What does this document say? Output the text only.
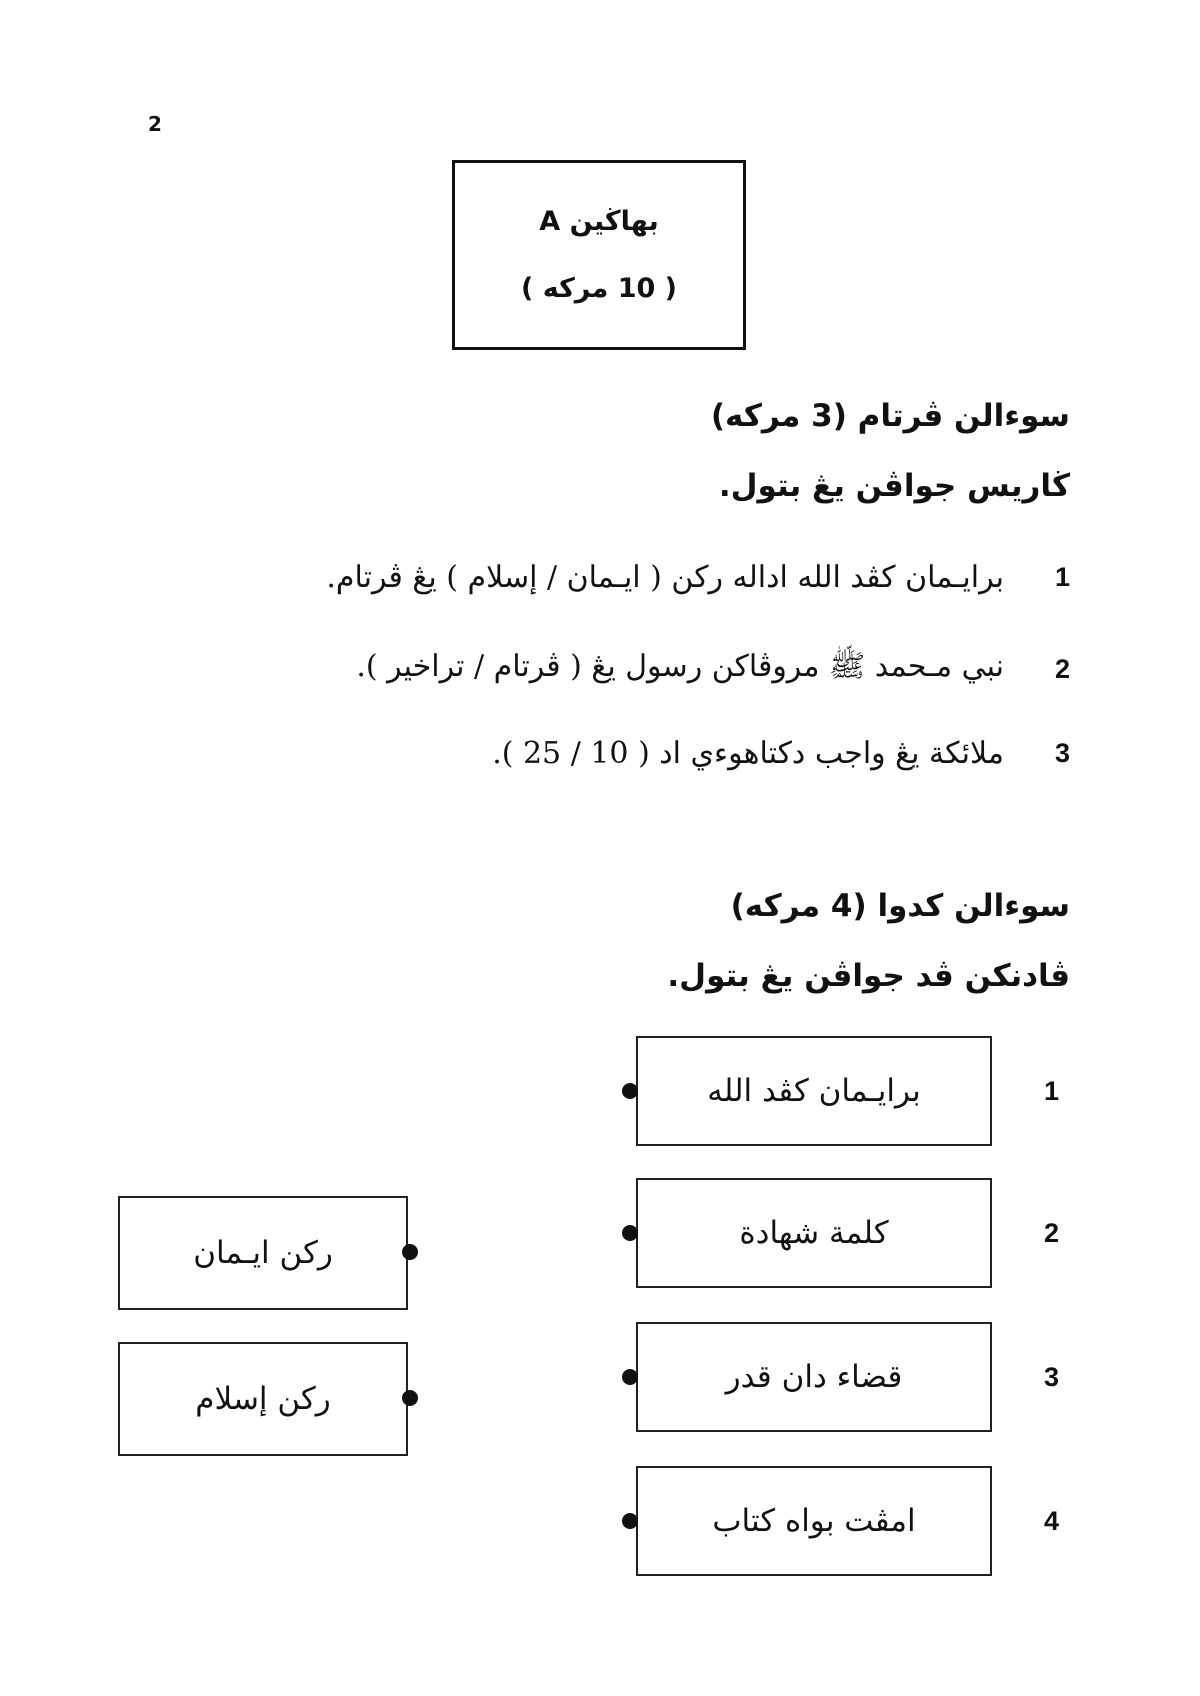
2
بهاڬين A
( 10 مركه )
سوءالن ڤرتام (3 مركه)
ڬاريس جواڤن يڠ بتول.
برايـمان كڤد الله اداله رکن ( ايـمان / إسلام ) يڠ ڤرتام.	1
نبي مـحمد ﷺ مروڤاكن رسول يڠ ( ڤرتام / تراخير ).	2
ملائكة يڠ واجب دكتاهوءي اد ( 10 / 25 ).	3
سوءالن كدوا (4 مركه)
ڤادنكن ڤد جواڤن يڠ بتول.
برايـمان كڤد الله	1
كلمة شهادة	2
قضاء دان قدر	3
امڤت بواه كتاب	4
رکن ايـمان
رکن إسلام
